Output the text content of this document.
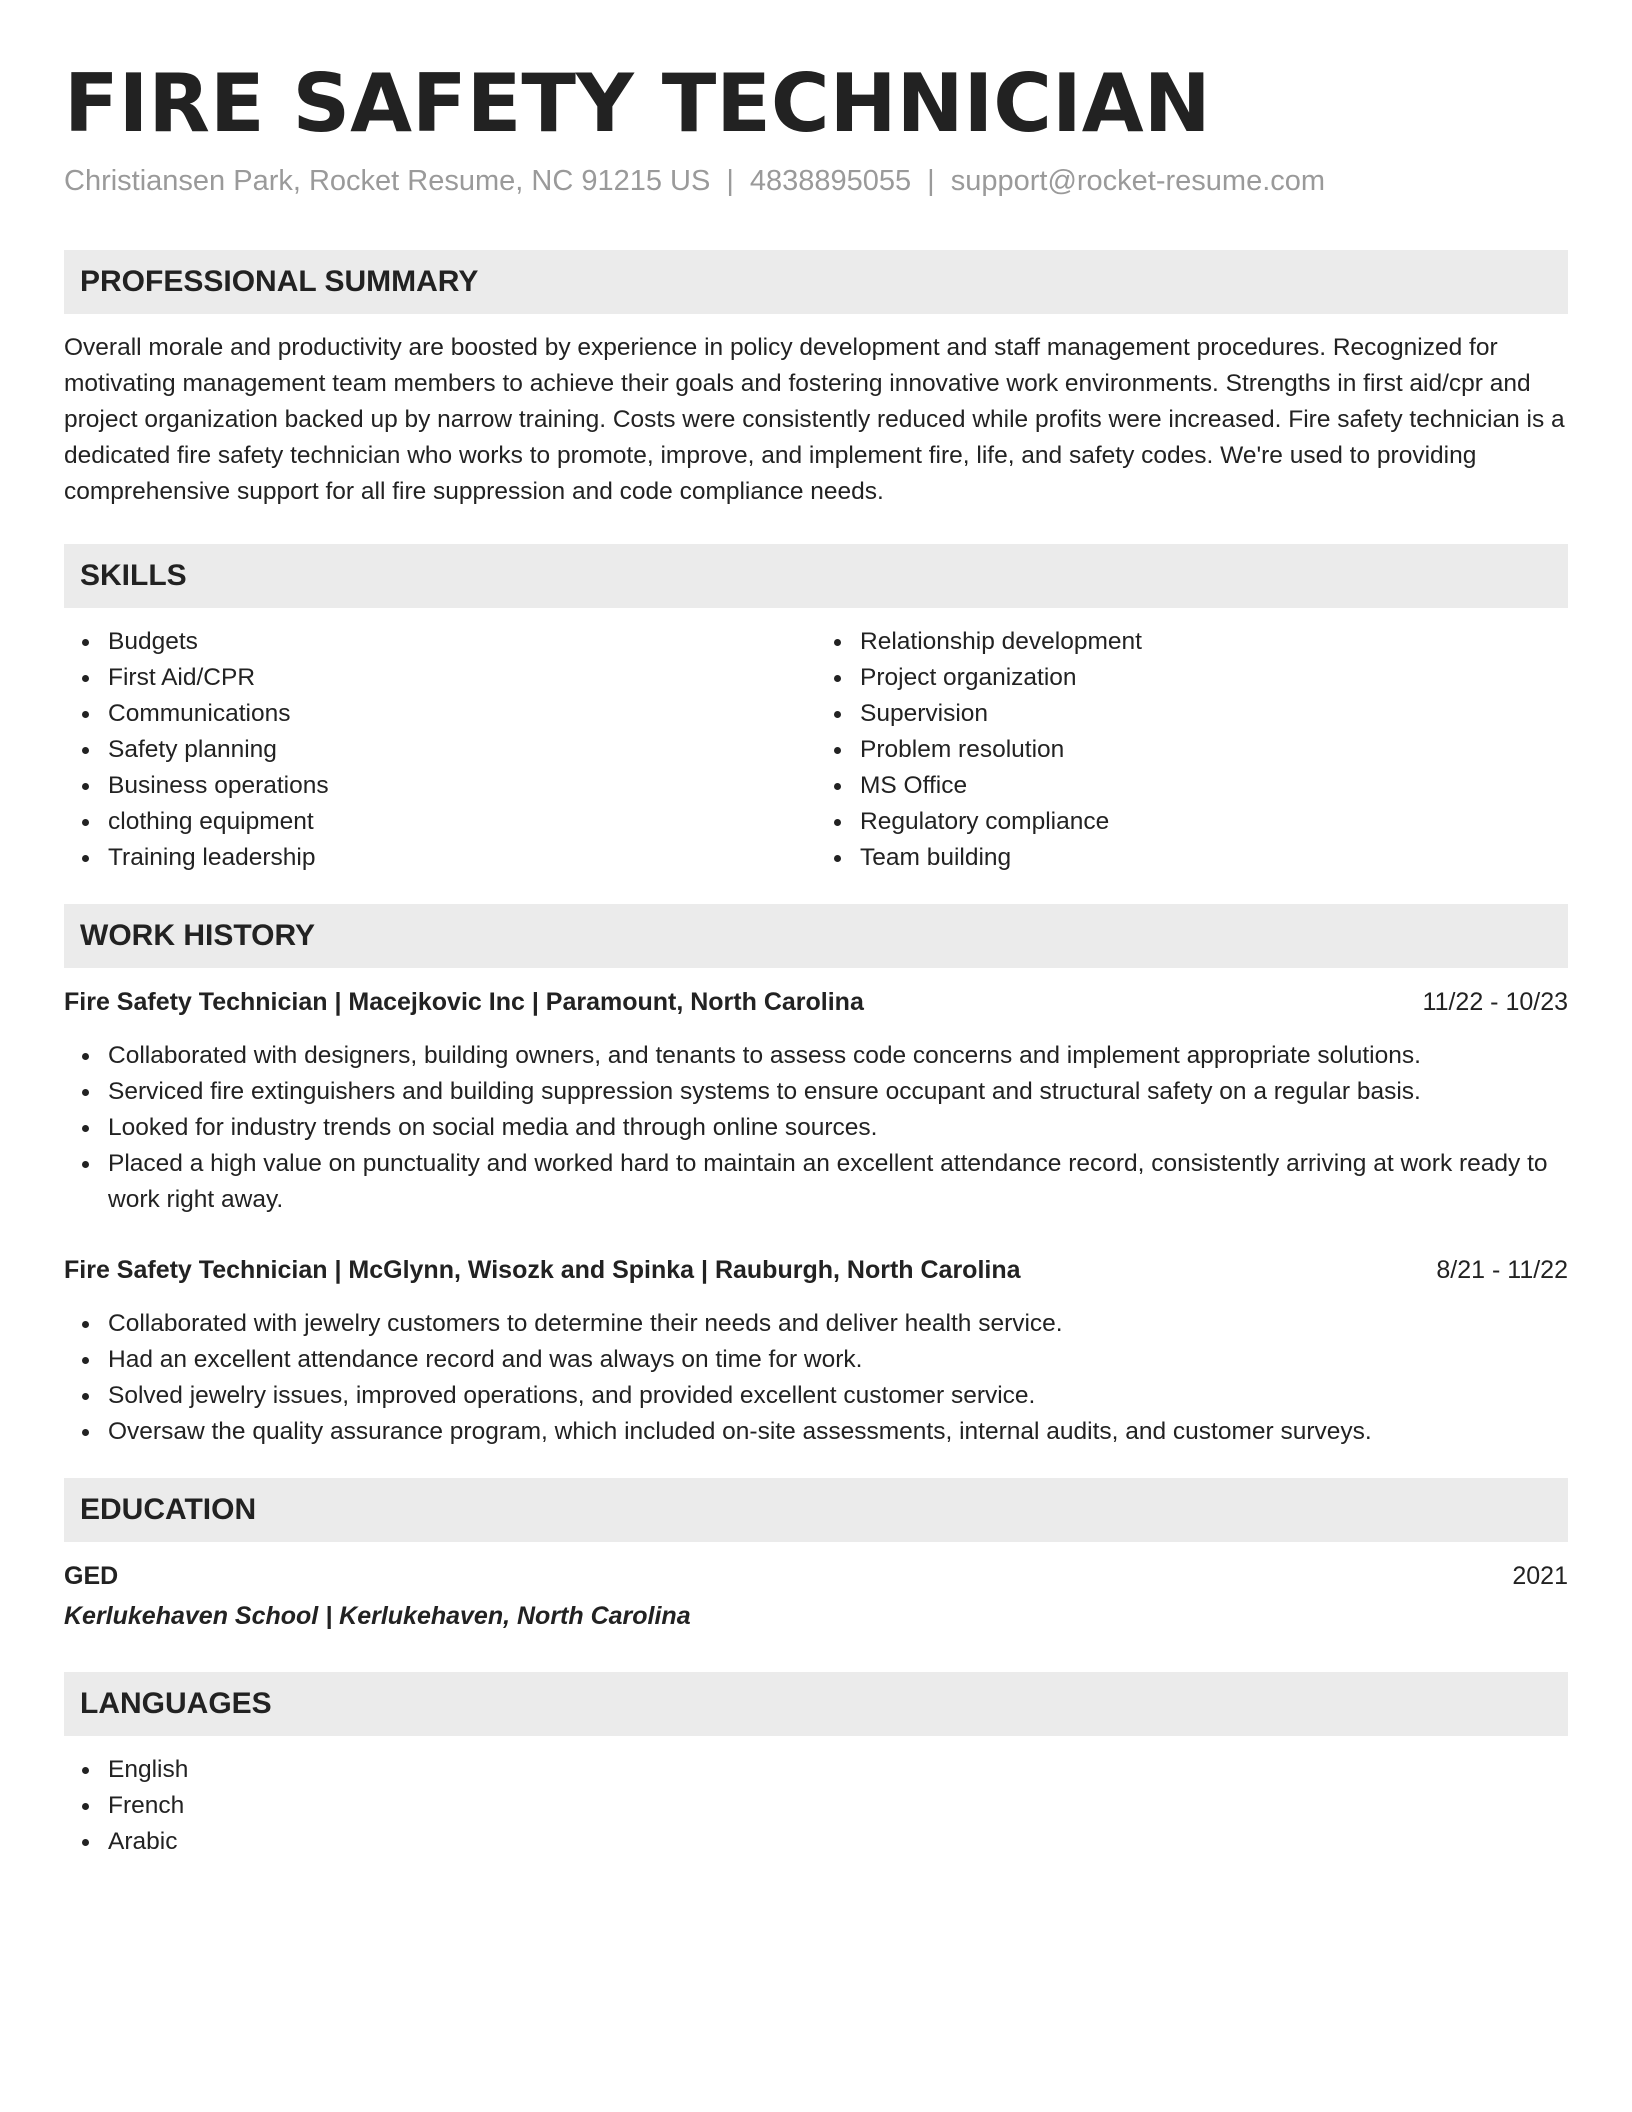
FIRE SAFETY TECHNICIAN
Christiansen Park, Rocket Resume, NC 91215 US | 4838895055 | support@rocket-resume.com
PROFESSIONAL SUMMARY

Overall morale and productivity are boosted by experience in policy development and staff management procedures. Recognized for motivating management team members to achieve their goals and fostering innovative work environments. Strengths in first aid/cpr and project organization backed up by narrow training. Costs were consistently reduced while profits were increased. Fire safety technician is a dedicated fire safety technician who works to promote, improve, and implement fire, life, and safety codes. We're used to providing comprehensive support for all fire suppression and code compliance needs.

SKILLS
Budgets
First Aid/CPR
Communications
Safety planning
Business operations
clothing equipment
Training leadership
Relationship development
Project organization
Supervision
Problem resolution
MS Office
Regulatory compliance
Team building
WORK HISTORY
Fire Safety Technician | Macejkovic Inc | Paramount, North Carolina	11/22 - 10/23
Collaborated with designers, building owners, and tenants to assess code concerns and implement appropriate solutions.
Serviced fire extinguishers and building suppression systems to ensure occupant and structural safety on a regular basis.
Looked for industry trends on social media and through online sources.
Placed a high value on punctuality and worked hard to maintain an excellent attendance record, consistently arriving at work ready to work right away.
Fire Safety Technician | McGlynn, Wisozk and Spinka | Rauburgh, North Carolina	8/21 - 11/22
Collaborated with jewelry customers to determine their needs and deliver health service.
Had an excellent attendance record and was always on time for work.
Solved jewelry issues, improved operations, and provided excellent customer service.
Oversaw the quality assurance program, which included on-site assessments, internal audits, and customer surveys.
EDUCATION
GED	2021
Kerlukehaven School | Kerlukehaven, North Carolina
LANGUAGES
English
French
Arabic
